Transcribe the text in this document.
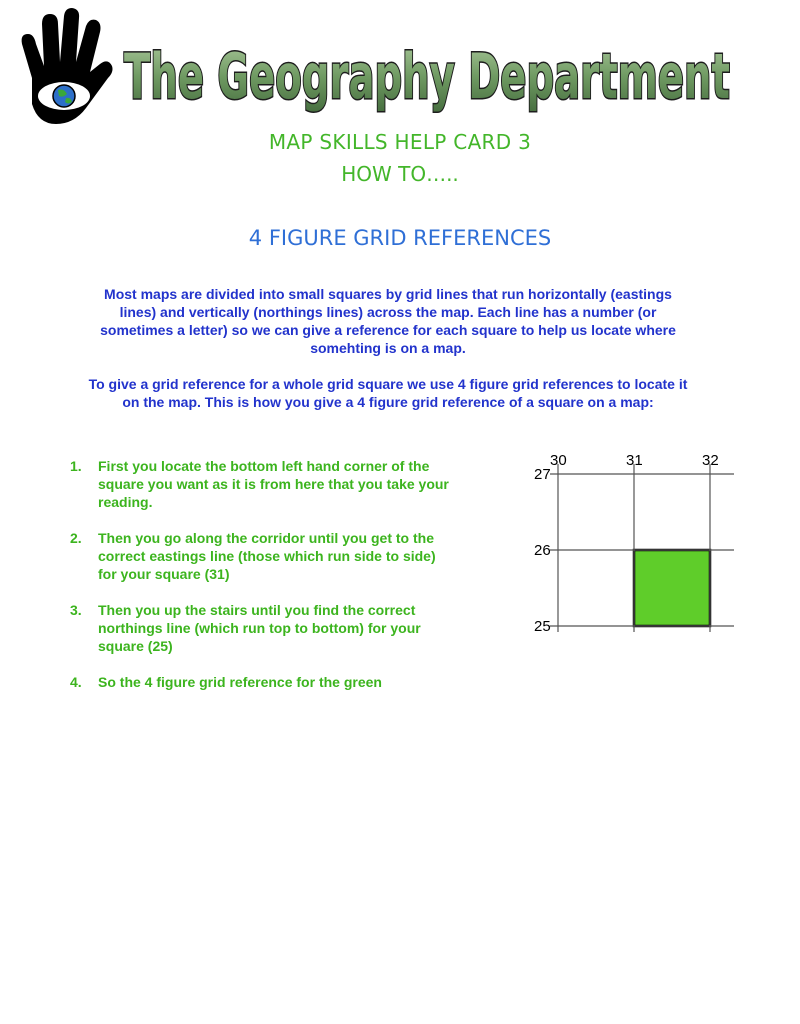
The Geography Department
MAP SKILLS HELP CARD 3
HOW TO…..
4 FIGURE GRID REFERENCES

Most maps are divided into small squares by grid lines that run horizontally (eastings lines) and vertically (northings lines) across the map. Each line has a number (or sometimes a letter) so we can give a reference for each square to help us locate where somehting is on a map.

To give a grid reference for a whole grid square we use 4 figure grid references to locate it on the map. This is how you give a 4 figure grid reference of a square on a map:

1. First you locate the bottom left hand corner of the square you want as it is from here that you take your reading.
2. Then you go along the corridor until you get to the correct eastings line (those which run side to side) for your square (31)
3. Then you up the stairs until you find the correct northings line (which run top to bottom) for your square (25)
4. So the 4 figure grid reference for the green
30	31	32
27
26
25
